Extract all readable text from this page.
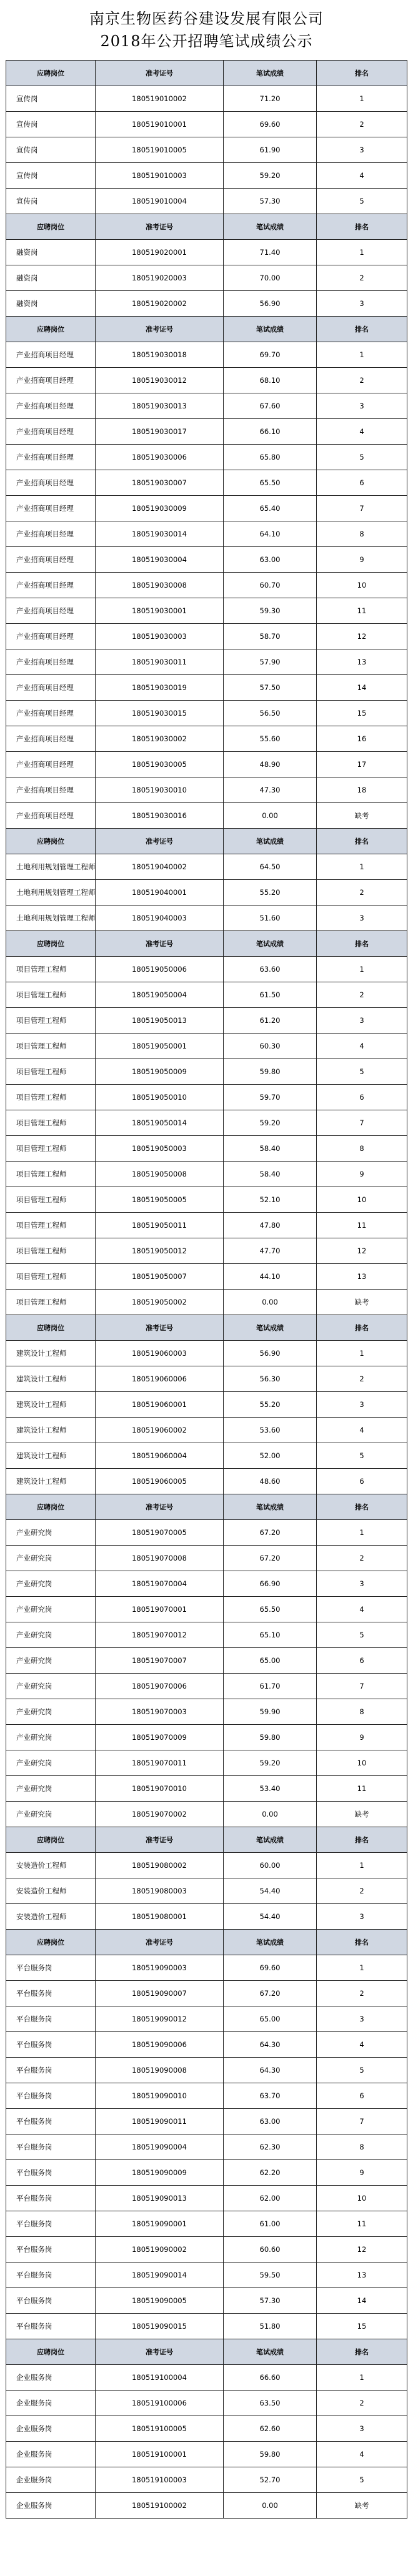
南京生物医药谷建设发展有限公司
2018年公开招聘笔试成绩公示
应聘岗位	准考证号	笔试成绩	排名
宣传岗	180519010002	71.20	1
宣传岗	180519010001	69.60	2
宣传岗	180519010005	61.90	3
宣传岗	180519010003	59.20	4
宣传岗	180519010004	57.30	5
应聘岗位	准考证号	笔试成绩	排名
融资岗	180519020001	71.40	1
融资岗	180519020003	70.00	2
融资岗	180519020002	56.90	3
应聘岗位	准考证号	笔试成绩	排名
产业招商项目经理	180519030018	69.70	1
产业招商项目经理	180519030012	68.10	2
产业招商项目经理	180519030013	67.60	3
产业招商项目经理	180519030017	66.10	4
产业招商项目经理	180519030006	65.80	5
产业招商项目经理	180519030007	65.50	6
产业招商项目经理	180519030009	65.40	7
产业招商项目经理	180519030014	64.10	8
产业招商项目经理	180519030004	63.00	9
产业招商项目经理	180519030008	60.70	10
产业招商项目经理	180519030001	59.30	11
产业招商项目经理	180519030003	58.70	12
产业招商项目经理	180519030011	57.90	13
产业招商项目经理	180519030019	57.50	14
产业招商项目经理	180519030015	56.50	15
产业招商项目经理	180519030002	55.60	16
产业招商项目经理	180519030005	48.90	17
产业招商项目经理	180519030010	47.30	18
产业招商项目经理	180519030016	0.00	缺考
应聘岗位	准考证号	笔试成绩	排名
土地利用规划管理工程师	180519040002	64.50	1
土地利用规划管理工程师	180519040001	55.20	2
土地利用规划管理工程师	180519040003	51.60	3
应聘岗位	准考证号	笔试成绩	排名
项目管理工程师	180519050006	63.60	1
项目管理工程师	180519050004	61.50	2
项目管理工程师	180519050013	61.20	3
项目管理工程师	180519050001	60.30	4
项目管理工程师	180519050009	59.80	5
项目管理工程师	180519050010	59.70	6
项目管理工程师	180519050014	59.20	7
项目管理工程师	180519050003	58.40	8
项目管理工程师	180519050008	58.40	9
项目管理工程师	180519050005	52.10	10
项目管理工程师	180519050011	47.80	11
项目管理工程师	180519050012	47.70	12
项目管理工程师	180519050007	44.10	13
项目管理工程师	180519050002	0.00	缺考
应聘岗位	准考证号	笔试成绩	排名
建筑设计工程师	180519060003	56.90	1
建筑设计工程师	180519060006	56.30	2
建筑设计工程师	180519060001	55.20	3
建筑设计工程师	180519060002	53.60	4
建筑设计工程师	180519060004	52.00	5
建筑设计工程师	180519060005	48.60	6
应聘岗位	准考证号	笔试成绩	排名
产业研究岗	180519070005	67.20	1
产业研究岗	180519070008	67.20	2
产业研究岗	180519070004	66.90	3
产业研究岗	180519070001	65.50	4
产业研究岗	180519070012	65.10	5
产业研究岗	180519070007	65.00	6
产业研究岗	180519070006	61.70	7
产业研究岗	180519070003	59.90	8
产业研究岗	180519070009	59.80	9
产业研究岗	180519070011	59.20	10
产业研究岗	180519070010	53.40	11
产业研究岗	180519070002	0.00	缺考
应聘岗位	准考证号	笔试成绩	排名
安装造价工程师	180519080002	60.00	1
安装造价工程师	180519080003	54.40	2
安装造价工程师	180519080001	54.40	3
应聘岗位	准考证号	笔试成绩	排名
平台服务岗	180519090003	69.60	1
平台服务岗	180519090007	67.20	2
平台服务岗	180519090012	65.00	3
平台服务岗	180519090006	64.30	4
平台服务岗	180519090008	64.30	5
平台服务岗	180519090010	63.70	6
平台服务岗	180519090011	63.00	7
平台服务岗	180519090004	62.30	8
平台服务岗	180519090009	62.20	9
平台服务岗	180519090013	62.00	10
平台服务岗	180519090001	61.00	11
平台服务岗	180519090002	60.60	12
平台服务岗	180519090014	59.50	13
平台服务岗	180519090005	57.30	14
平台服务岗	180519090015	51.80	15
应聘岗位	准考证号	笔试成绩	排名
企业服务岗	180519100004	66.60	1
企业服务岗	180519100006	63.50	2
企业服务岗	180519100005	62.60	3
企业服务岗	180519100001	59.80	4
企业服务岗	180519100003	52.70	5
企业服务岗	180519100002	0.00	缺考
